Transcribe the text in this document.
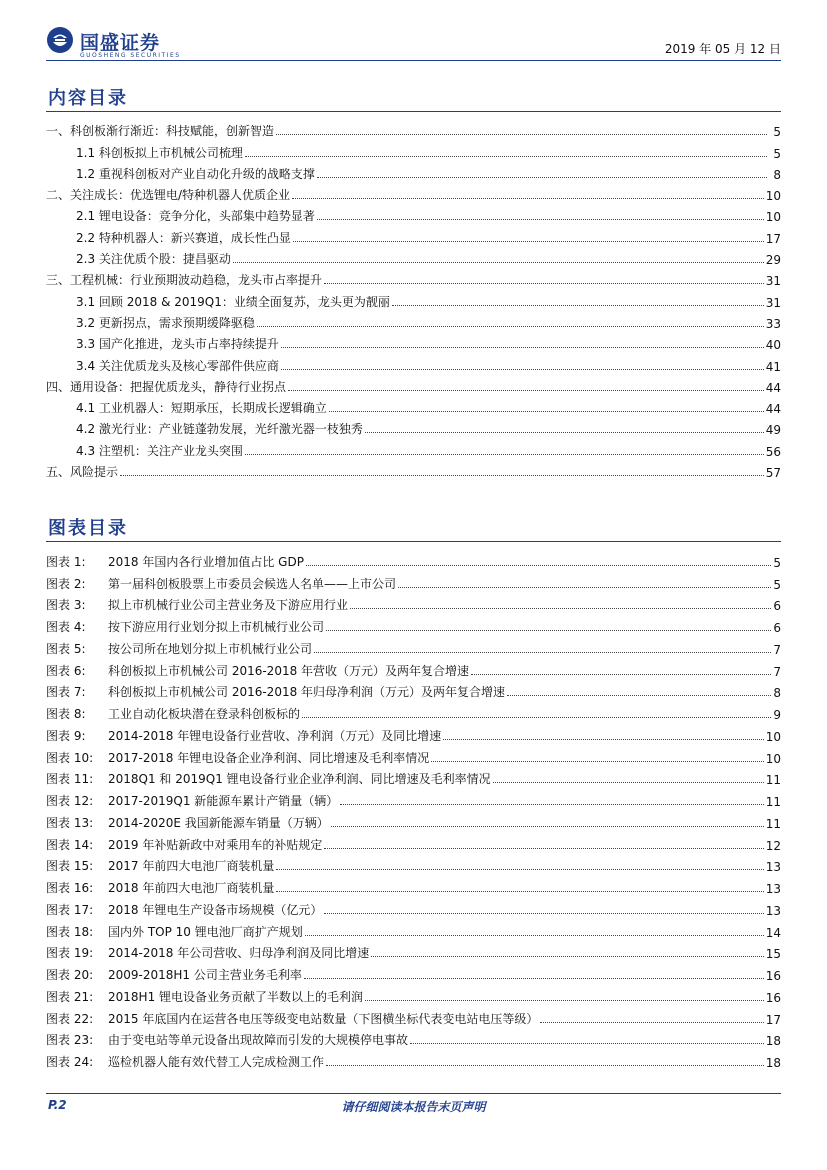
国盛证券
GUOSHENG SECURITIES	2019 年 05 月 12 日
内容目录
一、科创板渐行渐近：科技赋能，创新智造	5
1.1 科创板拟上市机械公司梳理	5
1.2 重视科创板对产业自动化升级的战略支撑	8
二、关注成长：优选锂电/特种机器人优质企业	10
2.1 锂电设备：竞争分化，头部集中趋势显著	10
2.2 特种机器人：新兴赛道，成长性凸显	17
2.3 关注优质个股：捷昌驱动	29
三、工程机械：行业预期波动趋稳，龙头市占率提升	31
3.1 回顾 2018 & 2019Q1：业绩全面复苏，龙头更为靓丽	31
3.2 更新拐点，需求预期缓降驱稳	33
3.3 国产化推进，龙头市占率持续提升	40
3.4 关注优质龙头及核心零部件供应商	41
四、通用设备：把握优质龙头，静待行业拐点	44
4.1 工业机器人：短期承压，长期成长逻辑确立	44
4.2 激光行业：产业链蓬勃发展，光纤激光器一枝独秀	49
4.3 注塑机：关注产业龙头突围	56
五、风险提示	57
图表目录
图表 1:	2018 年国内各行业增加值占比 GDP	5
图表 2:	第一届科创板股票上市委员会候选人名单——上市公司	5
图表 3:	拟上市机械行业公司主营业务及下游应用行业	6
图表 4:	按下游应用行业划分拟上市机械行业公司	6
图表 5:	按公司所在地划分拟上市机械行业公司	7
图表 6:	科创板拟上市机械公司 2016-2018 年营收（万元）及两年复合增速	7
图表 7:	科创板拟上市机械公司 2016-2018 年归母净利润（万元）及两年复合增速	8
图表 8:	工业自动化板块潜在登录科创板标的	9
图表 9:	2014-2018 年锂电设备行业营收、净利润（万元）及同比增速	10
图表 10:	2017-2018 年锂电设备企业净利润、同比增速及毛利率情况	10
图表 11:	2018Q1 和 2019Q1 锂电设备行业企业净利润、同比增速及毛利率情况	11
图表 12:	2017-2019Q1 新能源车累计产销量（辆）	11
图表 13:	2014-2020E 我国新能源车销量（万辆）	11
图表 14:	2019 年补贴新政中对乘用车的补贴规定	12
图表 15:	2017 年前四大电池厂商装机量	13
图表 16:	2018 年前四大电池厂商装机量	13
图表 17:	2018 年锂电生产设备市场规模（亿元）	13
图表 18:	国内外 TOP 10 锂电池厂商扩产规划	14
图表 19:	2014-2018 年公司营收、归母净利润及同比增速	15
图表 20:	2009-2018H1 公司主营业务毛利率	16
图表 21:	2018H1 锂电设备业务贡献了半数以上的毛利润	16
图表 22:	2015 年底国内在运营各电压等级变电站数量（下图横坐标代表变电站电压等级）	17
图表 23:	由于变电站等单元设备出现故障而引发的大规模停电事故	18
图表 24:	巡检机器人能有效代替工人完成检测工作	18
请仔细阅读本报告末页声明
P.2
